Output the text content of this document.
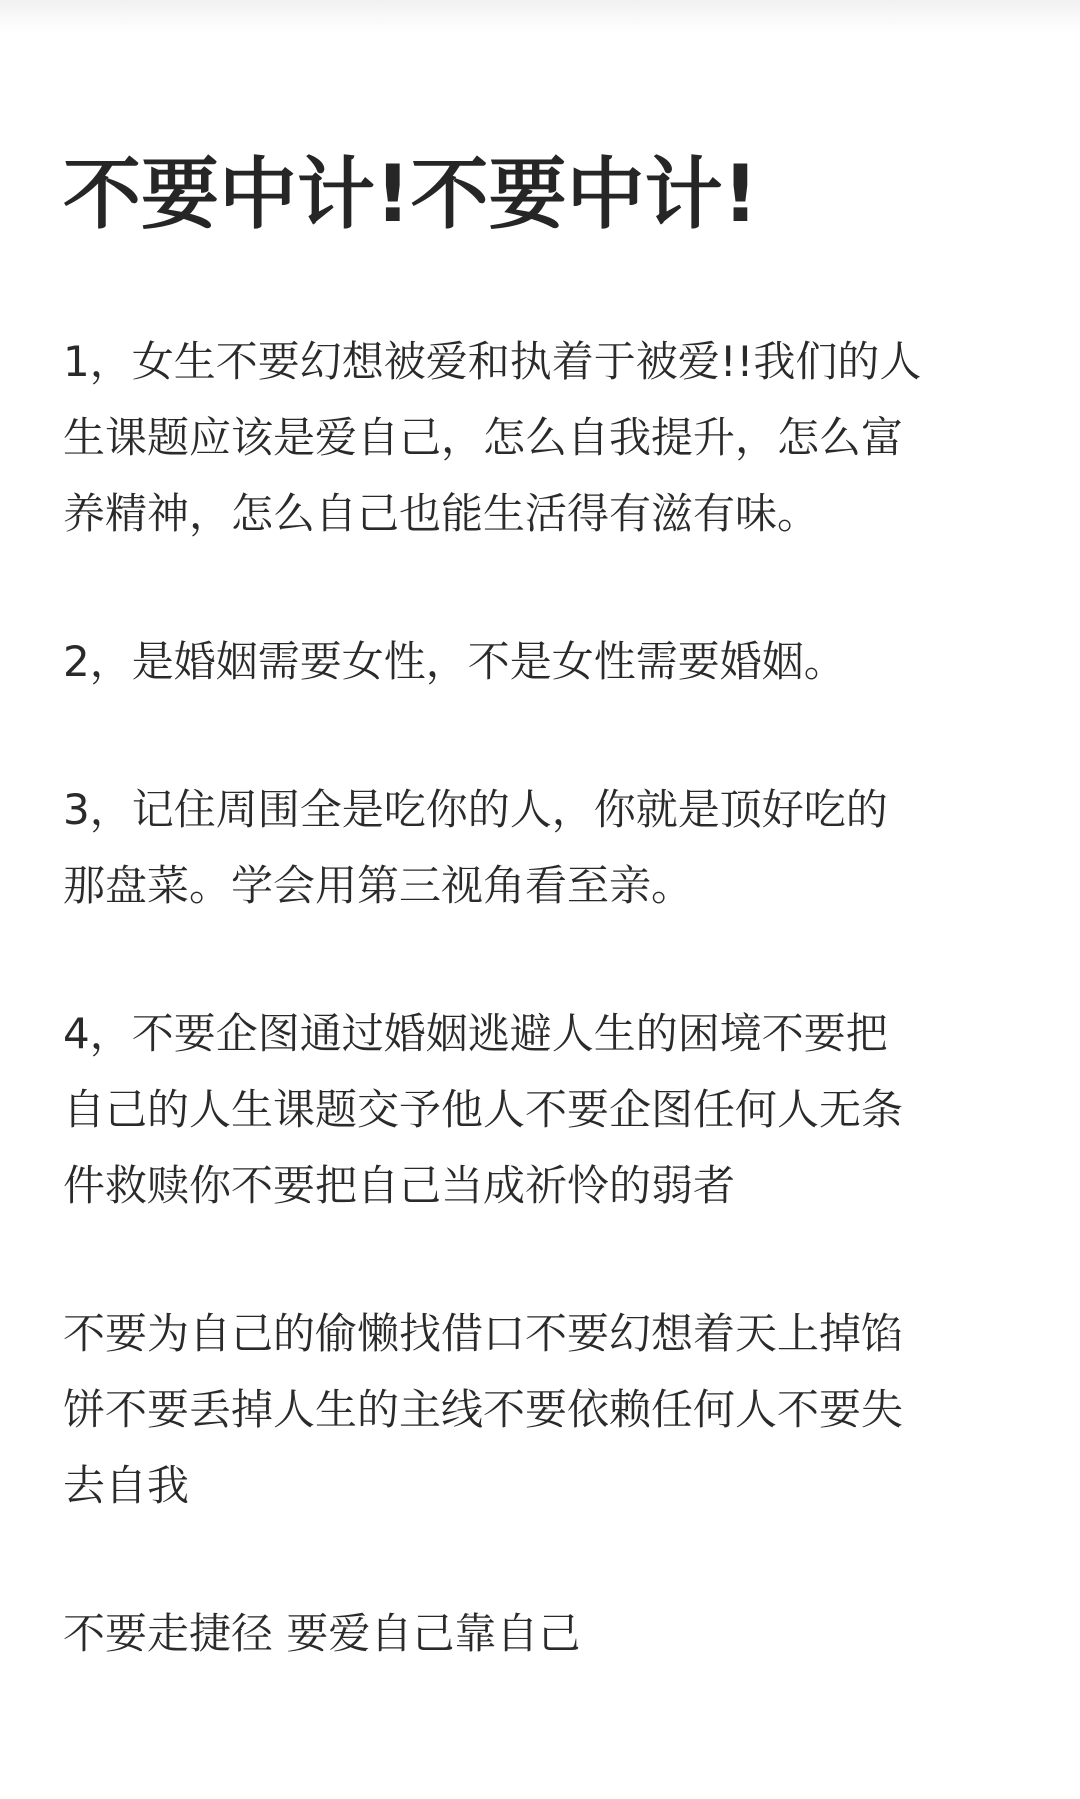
不要中计!不要中计!

1，女生不要幻想被爱和执着于被爱!!我们的人
生课题应该是爱自己，怎么自我提升，怎么富
养精神，怎么自己也能生活得有滋有味。

2，是婚姻需要女性，不是女性需要婚姻。

3，记住周围全是吃你的人，你就是顶好吃的
那盘菜。学会用第三视角看至亲。

4，不要企图通过婚姻逃避人生的困境不要把
自己的人生课题交予他人不要企图任何人无条
件救赎你不要把自己当成祈怜的弱者

不要为自己的偷懒找借口不要幻想着天上掉馅
饼不要丢掉人生的主线不要依赖任何人不要失
去自我

不要走捷径 要爱自己靠自己
